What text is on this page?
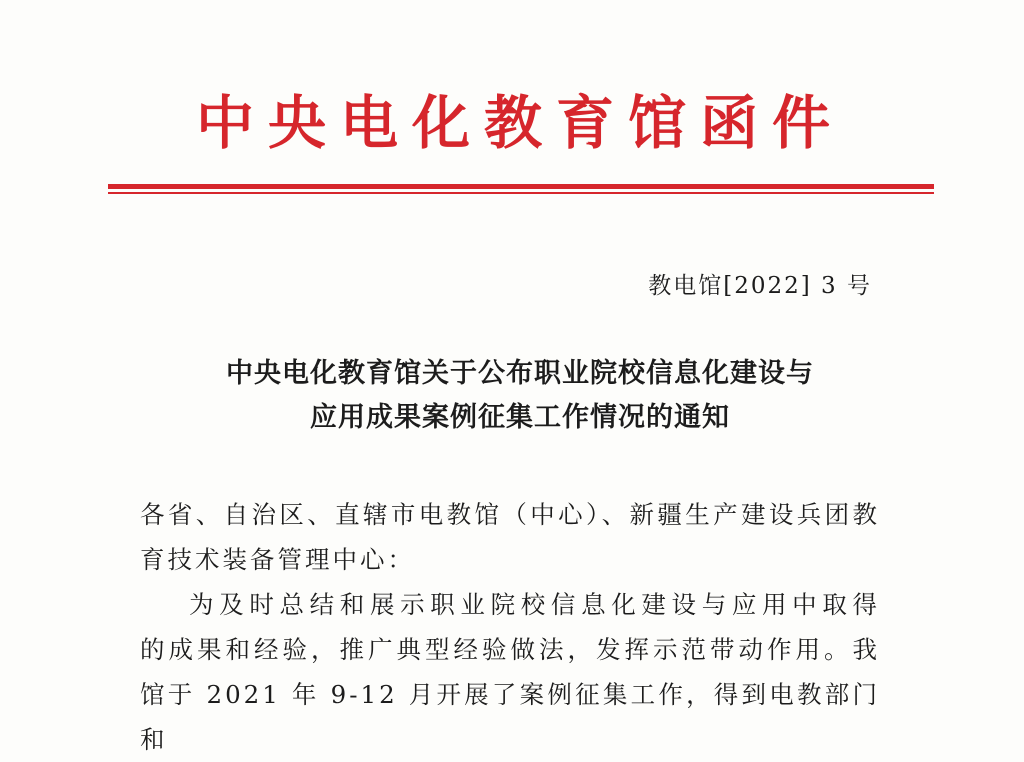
中央电化教育馆函件
教电馆[2022] 3 号
中央电化教育馆关于公布职业院校信息化建设与
应用成果案例征集工作情况的通知

各省、自治区、直辖市电教馆（中心）、新疆生产建设兵团教

育技术装备管理中心：

为及时总结和展示职业院校信息化建设与应用中取得

的成果和经验，推广典型经验做法，发挥示范带动作用。我

馆于 2021 年 9-12 月开展了案例征集工作，得到电教部门和
